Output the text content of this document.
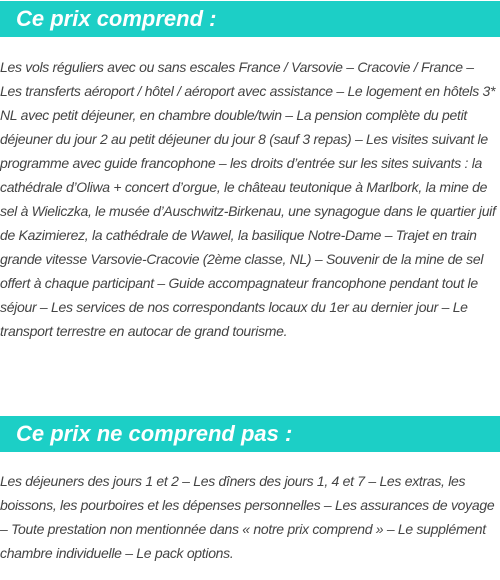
Ce prix comprend :
Les vols réguliers avec ou sans escales France / Varsovie – Cracovie / France – Les transferts aéroport / hôtel / aéroport avec assistance – Le logement en hôtels 3* NL avec petit déjeuner, en chambre double/twin – La pension complète du petit déjeuner du jour 2 au petit déjeuner du jour 8 (sauf 3 repas) – Les visites suivant le programme avec guide francophone – les droits d’entrée sur les sites suivants : la cathédrale d’Oliwa + concert d’orgue, le château teutonique à Marlbork, la mine de sel à Wieliczka, le musée d’Auschwitz-Birkenau, une synagogue dans le quartier juif de Kazimierez, la cathédrale de Wawel, la basilique Notre-Dame – Trajet en train grande vitesse Varsovie-Cracovie (2ème classe, NL) – Souvenir de la mine de sel offert à chaque participant – Guide accompagnateur francophone pendant tout le séjour – Les services de nos correspondants locaux du 1er au dernier jour – Le transport terrestre en autocar de grand tourisme.
Ce prix ne comprend pas :
Les déjeuners des jours 1 et 2 – Les dîners des jours 1, 4 et 7 – Les extras, les boissons, les pourboires et les dépenses personnelles – Les assurances de voyage – Toute prestation non mentionnée dans « notre prix comprend » – Le supplément chambre individuelle – Le pack options.
